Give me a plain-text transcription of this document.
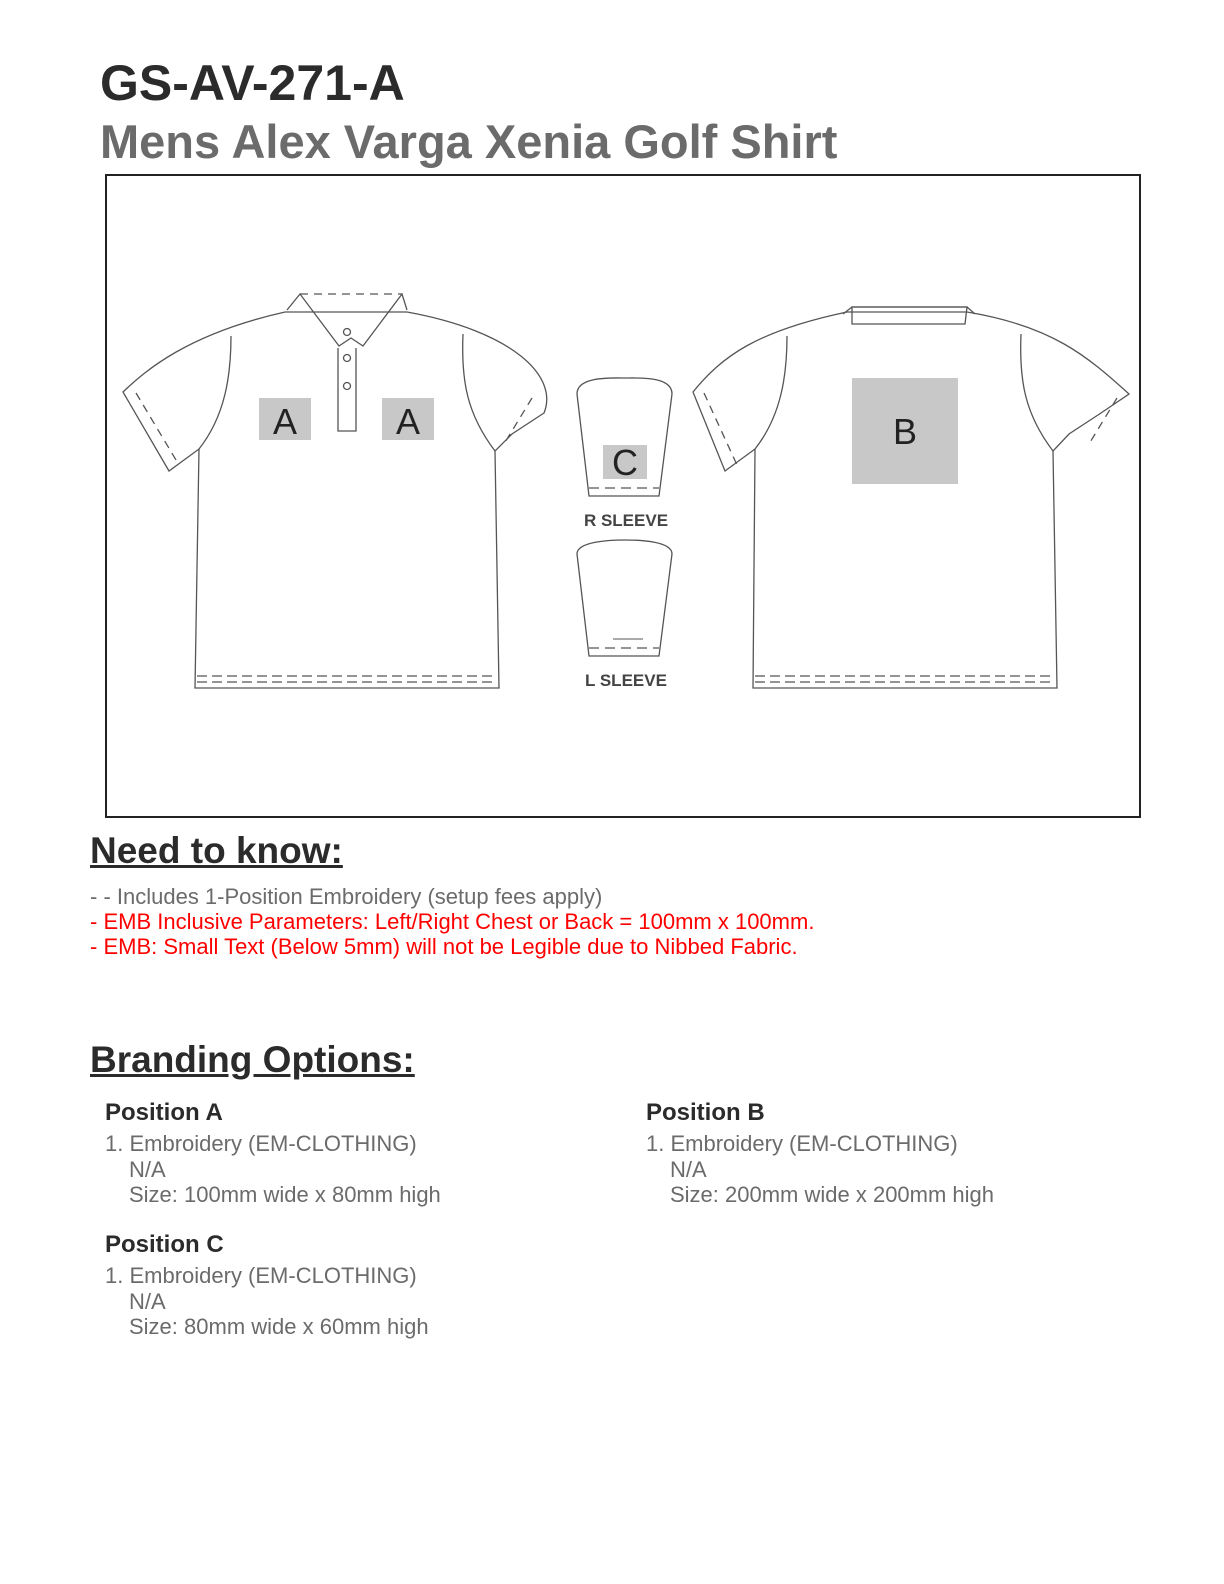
GS-AV-271-A
Mens Alex Varga Xenia Golf Shirt
A	A	B
C
R SLEEVE
L SLEEVE
Need to know:
- - Includes 1-Position Embroidery (setup fees apply)
- EMB Inclusive Parameters: Left/Right Chest or Back = 100mm x 100mm.
- EMB: Small Text (Below 5mm) will not be Legible due to Nibbed Fabric.
Branding Options:
Position A
1. Embroidery (EM-CLOTHING)
N/A
Size: 100mm wide x 80mm high
Position B
1. Embroidery (EM-CLOTHING)
N/A
Size: 200mm wide x 200mm high
Position C
1. Embroidery (EM-CLOTHING)
N/A
Size: 80mm wide x 60mm high
